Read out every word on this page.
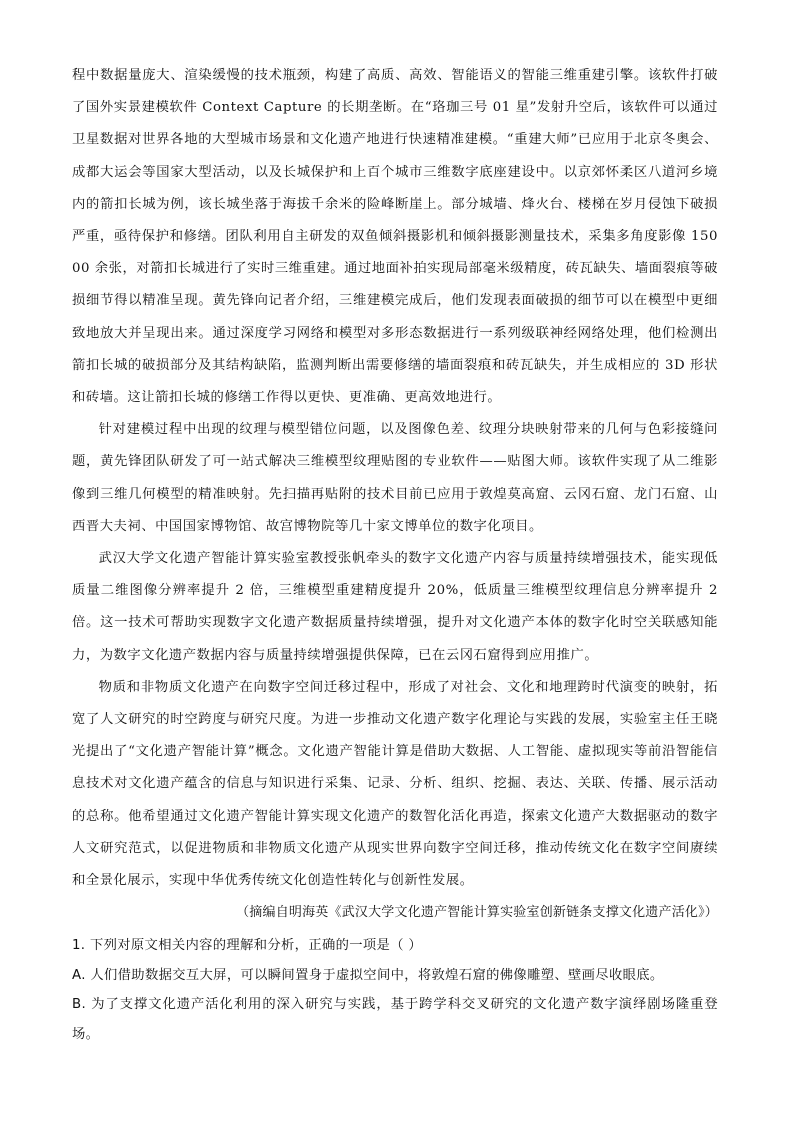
程中数据量庞大、渲染缓慢的技术瓶颈，构建了高质、高效、智能语义的智能三维重建引擎。该软件打破了国外实景建模软件 Context Capture 的长期垄断。在“珞珈三号 01 星”发射升空后，该软件可以通过卫星数据对世界各地的大型城市场景和文化遗产地进行快速精准建模。“重建大师”已应用于北京冬奥会、成都大运会等国家大型活动，以及长城保护和上百个城市三维数字底座建设中。以京郊怀柔区八道河乡境内的箭扣长城为例，该长城坐落于海拔千余米的险峰断崖上。部分城墙、烽火台、楼梯在岁月侵蚀下破损严重，亟待保护和修缮。团队利用自主研发的双鱼倾斜摄影机和倾斜摄影测量技术，采集多角度影像 15000 余张，对箭扣长城进行了实时三维重建。通过地面补拍实现局部毫米级精度，砖瓦缺失、墙面裂痕等破损细节得以精准呈现。黄先锋向记者介绍，三维建模完成后，他们发现表面破损的细节可以在模型中更细致地放大并呈现出来。通过深度学习网络和模型对多形态数据进行一系列级联神经网络处理，他们检测出箭扣长城的破损部分及其结构缺陷，监测判断出需要修缮的墙面裂痕和砖瓦缺失，并生成相应的 3D 形状和砖墙。这让箭扣长城的修缮工作得以更快、更准确、更高效地进行。

针对建模过程中出现的纹理与模型错位问题，以及图像色差、纹理分块映射带来的几何与色彩接缝问题，黄先锋团队研发了可一站式解决三维模型纹理贴图的专业软件——贴图大师。该软件实现了从二维影像到三维几何模型的精准映射。先扫描再贴附的技术目前已应用于敦煌莫高窟、云冈石窟、龙门石窟、山西晋大夫祠、中国国家博物馆、故宫博物院等几十家文博单位的数字化项目。

武汉大学文化遗产智能计算实验室教授张帆牵头的数字文化遗产内容与质量持续增强技术，能实现低质量二维图像分辨率提升 2 倍，三维模型重建精度提升 20%，低质量三维模型纹理信息分辨率提升 2 倍。这一技术可帮助实现数字文化遗产数据质量持续增强，提升对文化遗产本体的数字化时空关联感知能力，为数字文化遗产数据内容与质量持续增强提供保障，已在云冈石窟得到应用推广。

物质和非物质文化遗产在向数字空间迁移过程中，形成了对社会、文化和地理跨时代演变的映射，拓宽了人文研究的时空跨度与研究尺度。为进一步推动文化遗产数字化理论与实践的发展，实验室主任王晓光提出了“文化遗产智能计算”概念。文化遗产智能计算是借助大数据、人工智能、虚拟现实等前沿智能信息技术对文化遗产蕴含的信息与知识进行采集、记录、分析、组织、挖掘、表达、关联、传播、展示活动的总称。他希望通过文化遗产智能计算实现文化遗产的数智化活化再造，探索文化遗产大数据驱动的数字人文研究范式，以促进物质和非物质文化遗产从现实世界向数字空间迁移，推动传统文化在数字空间赓续和全景化展示，实现中华优秀传统文化创造性转化与创新性发展。

（摘编自明海英《武汉大学文化遗产智能计算实验室创新链条支撑文化遗产活化》）

1. 下列对原文相关内容的理解和分析，正确的一项是（ ）

A. 人们借助数据交互大屏，可以瞬间置身于虚拟空间中，将敦煌石窟的佛像雕塑、壁画尽收眼底。

B. 为了支撑文化遗产活化利用的深入研究与实践，基于跨学科交叉研究的文化遗产数字演绎剧场隆重登场。
